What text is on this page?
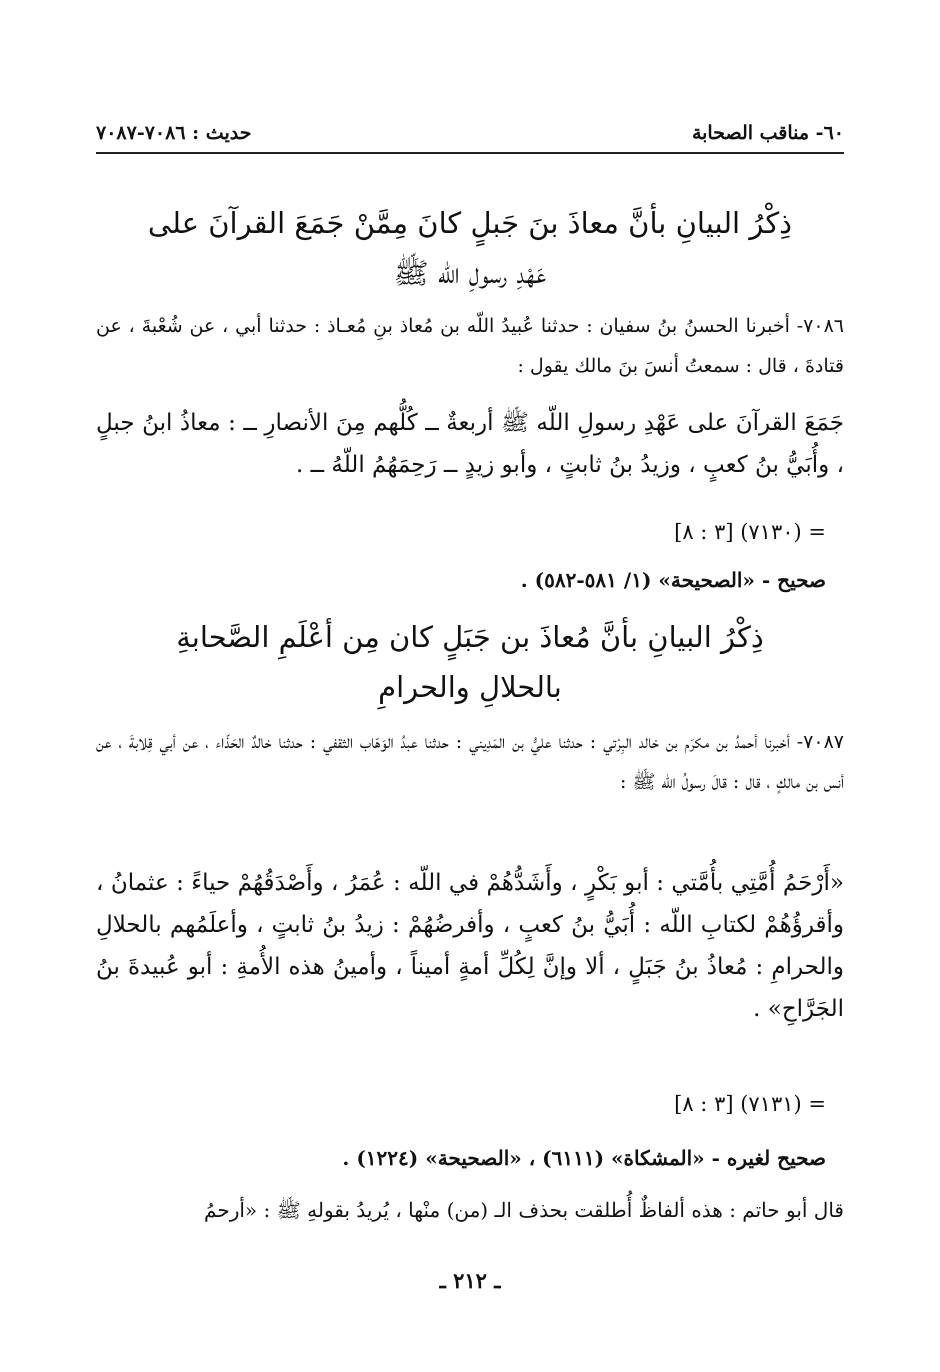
٦٠- مناقب الصحابة
حديث : ٧٠٨٦-٧٠٨٧
ذِكْرُ البيانِ بأنَّ معاذَ بنَ جَبلٍ كانَ مِمَّنْ جَمَعَ القرآنَ على
عَهْدِ رسولِ اللّه ﷺ
٧٠٨٦- أخبرنا الحسنُ بنُ سفيان : حدثنا عُبيدُ اللّه بن مُعاذ بنِ مُعـاذ : حدثنا أبي ، عن شُعْبةَ ، عن قتادةَ ، قال : سمعتُ أنسَ بنَ مالك يقول :
جَمَعَ القرآنَ على عَهْدِ رسولِ اللّه ﷺ أربعةٌ ــ كُلُّهم مِنَ الأنصارِ ــ : معاذُ ابنُ جبلٍ ، وأُبَيُّ بنُ كعبٍ ، وزيدُ بنُ ثابتٍ ، وأبو زيدٍ ــ رَحِمَهُمُ اللّهُ ــ .
= (٧١٣٠) [٣ : ٨]
صحيح - «الصحيحة» (١/ ٥٨١-٥٨٢) .
ذِكْرُ البيانِ بأنَّ مُعاذَ بن جَبَلٍ كان مِن أعْلَمِ الصَّحابةِ
بالحلالِ والحرامِ
٧٠٨٧- أخبرنا أحمدُ بن مكرَم بن خالد البِرْتي : حدثنا عليُّ بن المَدِيني : حدثنا عبدُ الوَهّاب الثقفي : حدثنا خالدٌ الحَذّاء ، عن أبي قِلابةَ ، عن أنس بن مالكٍ ، قال : قالَ رسولُ اللّه ﷺ :
«أَرْحَمُ أُمَّتِي بأُمَّتي : أبو بَكْرٍ ، وأَشَدُّهُمْ في اللّه : عُمَرُ ، وأَصْدَقُهُمْ حياءً : عثمانُ ، وأقرؤُهُمْ لكتابِ اللّه : أُبَيُّ بنُ كعبٍ ، وأفرضُهُمْ : زيدُ بنُ ثابتٍ ، وأعلَمُهم بالحلالِ والحرامِ : مُعاذُ بنُ جَبَلٍ ، ألا وإنَّ لِكُلِّ أمةٍ أميناً ، وأمينُ هذه الأُمةِ : أبو عُبيدةَ بنُ الجَرَّاحِ» .
= (٧١٣١) [٣ : ٨]
صحيح لغيره - «المشكاة» (٦١١١) ، «الصحيحة» (١٢٢٤) .
قال أبو حاتم : هذه ألفاظٌ أُطلقت بحذف الـ (من) منْها ، يُريدُ بقولهِ ﷺ : «أرحمُ
ـ ٢١٢ ـ
